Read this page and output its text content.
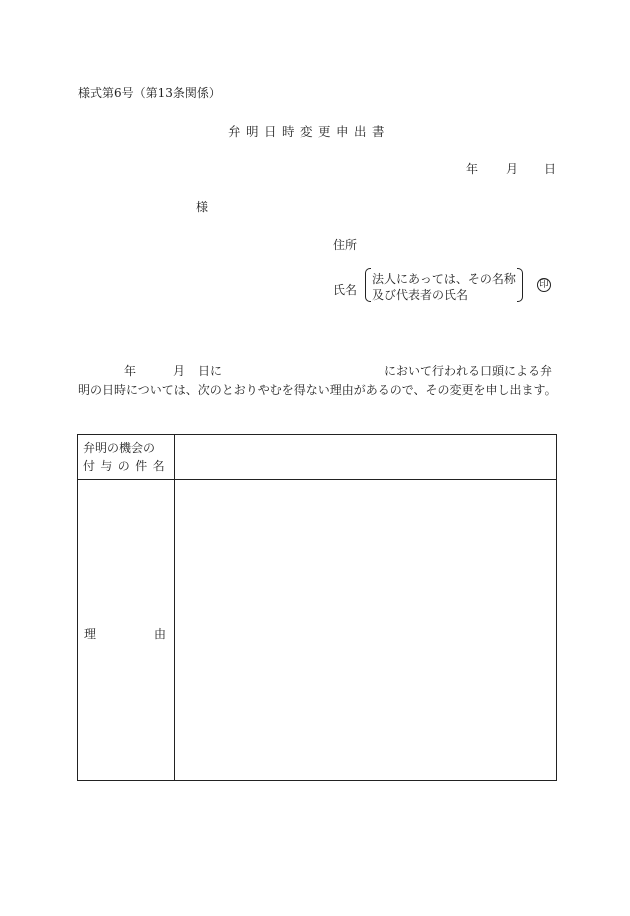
様式第6号（第13条関係）
弁明日時変更申出書
年 月 日
様
住所
氏名
法人にあっては、その名称
及び代表者の氏名
印
年	月 日に	において行われる口頭による弁
明の日時については、次のとおりやむを得ない理由があるので、その変更を申し出ます。
弁明の機会の
付与の件名	

理 由	
